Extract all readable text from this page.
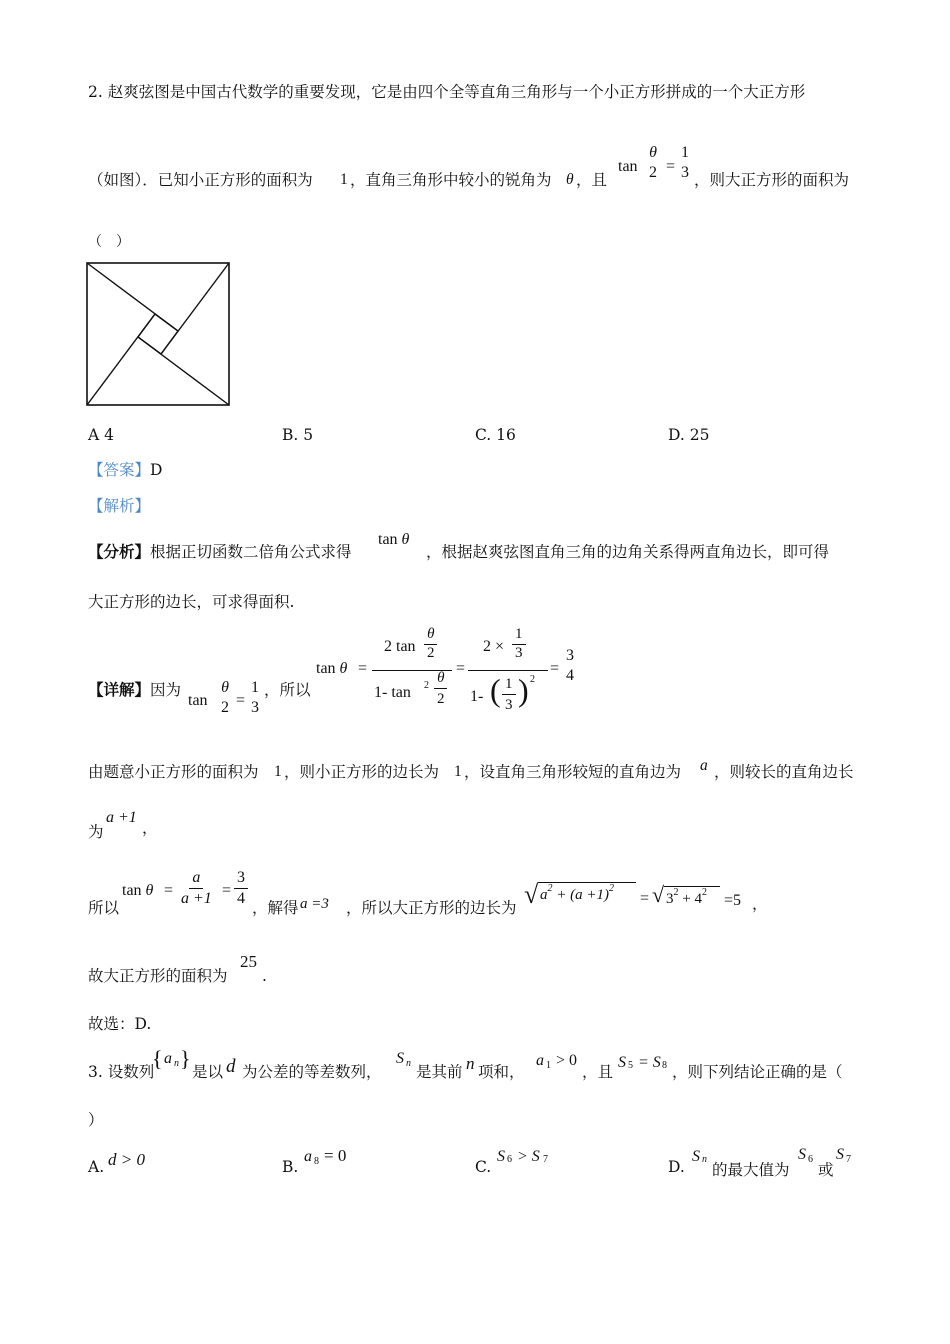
2. 赵爽弦图是中国古代数学的重要发现，它是由四个全等直角三角形与一个小正方形拼成的一个大正方形
（如图）．已知小正方形的面积为 1 ，直角三角形中较小的锐角为 θ ，且
tan
θ
2 =
1
3 ，则大正方形的面积为
（　）
A 4	B. 5	C. 16	D. 25
【答案】D
【解析】
【分析】根据正切函数二倍角公式求得
tan θ
，根据赵爽弦图直角三角的边角关系得两直角边长，即可得
大正方形的边长，可求得面积.
【详解】因为
tan
θ
2 =
1
3
，所以
tan θ =
2 $\tan \frac{\theta}{2}$
1- $\tan 2 \frac{\theta}{2}$ =
$2 \times \frac{1}{3}$
1- ( $\frac{1}{3}$ ) 2
=
3
4
由题意小正方形的面积为 1 ，则小正方形的边长为 1 ，设直角三角形较短的直角边为 a ，则较长的直角边长
为
a +1
，
所以
$\tan \theta = \frac{a}{a +1} = \frac{3}{4}$ ，解得 a =3 ，所以大正方形的边长为 √ $a^2 + (a +1)^2$
= √ $3^2 + 4^2$	=5 ，
故大正方形的面积为
25
.
故选：D.
3. 设数列
{ a n }
是以 d 为公差的等差数列，
S n 是其前 n 项和，
a 1 > 0
，且
S 5 = S 8 ，则下列结论正确的是（
）
A. d > 0	B.
a 8 = 0
C.
S 6 > S 7	D.
S n
的最大值为
S 6
或
S 7
